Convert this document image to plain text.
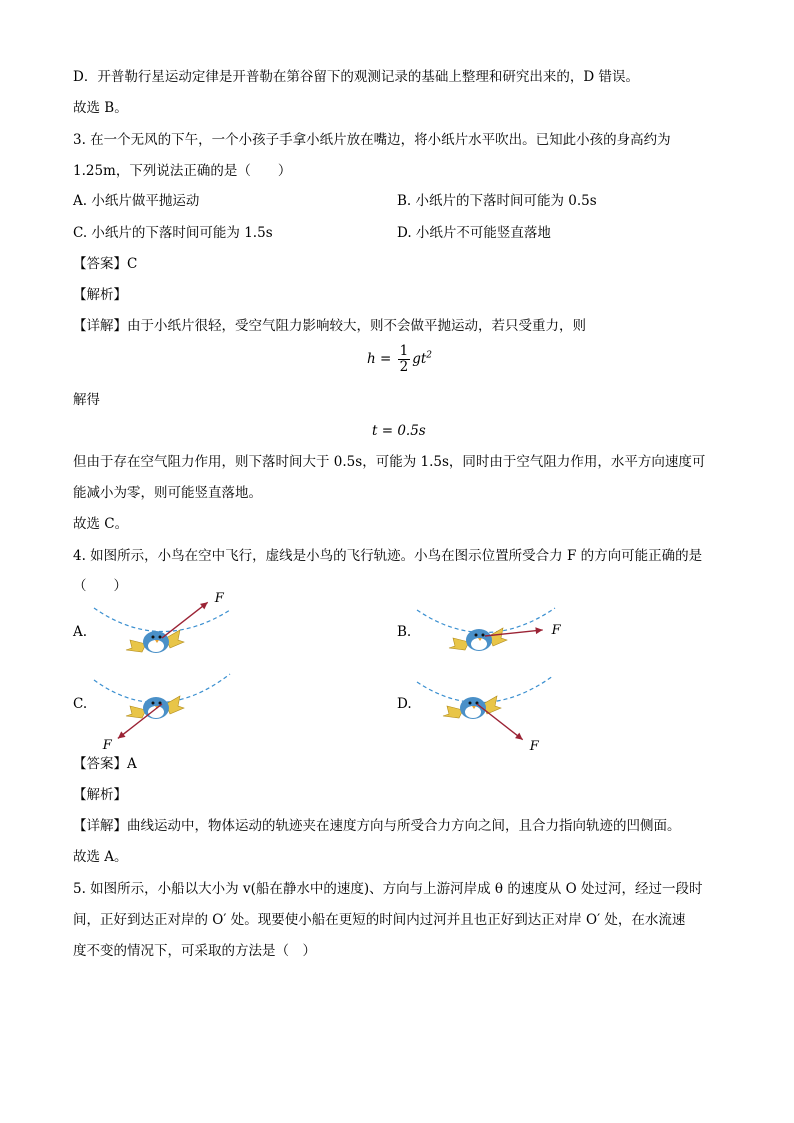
D．开普勒行星运动定律是开普勒在第谷留下的观测记录的基础上整理和研究出来的，D 错误。
故选 B。
3. 在一个无风的下午，一个小孩子手拿小纸片放在嘴边，将小纸片水平吹出。已知此小孩的身高约为
1.25m，下列说法正确的是（　　）
A. 小纸片做平抛运动	B. 小纸片的下落时间可能为 0.5s
C. 小纸片的下落时间可能为 1.5s	D. 小纸片不可能竖直落地
【答案】C
【解析】
【详解】由于小纸片很轻，受空气阻力影响较大，则不会做平抛运动，若只受重力，则
$h = \frac{1}{2} gt^2$
解得
t = 0.5s
但由于存在空气阻力作用，则下落时间大于 0.5s，可能为 1.5s，同时由于空气阻力作用，水平方向速度可
能减小为零，则可能竖直落地。
故选 C。
4. 如图所示，小鸟在空中飞行，虚线是小鸟的飞行轨迹。小鸟在图示位置所受合力 F 的方向可能正确的是
（　　）
A.	B.
C.	D.
F
F
F	F
【答案】A
【解析】
【详解】曲线运动中，物体运动的轨迹夹在速度方向与所受合力方向之间，且合力指向轨迹的凹侧面。
故选 A。
5. 如图所示，小船以大小为 v(船在静水中的速度)、方向与上游河岸成 θ 的速度从 O 处过河，经过一段时
间，正好到达正对岸的 O′ 处。现要使小船在更短的时间内过河并且也正好到达正对岸 O′ 处，在水流速
度不变的情况下，可采取的方法是（　）
